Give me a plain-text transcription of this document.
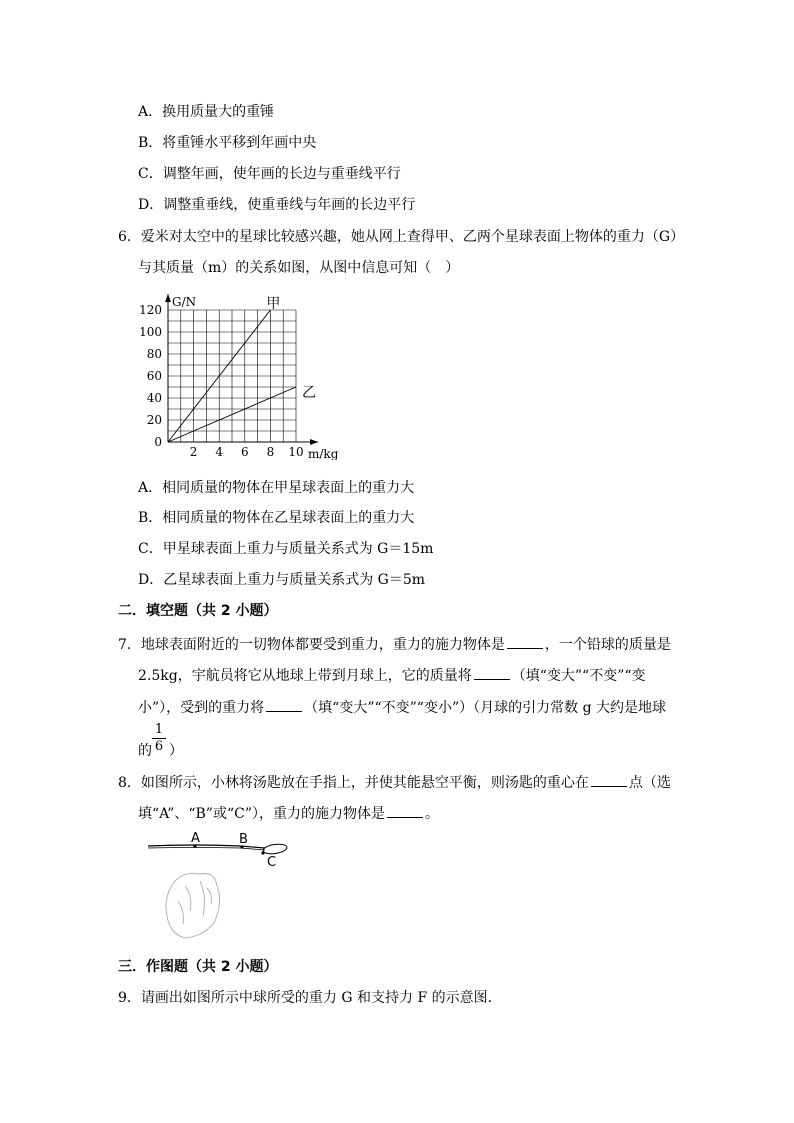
A．换用质量大的重锤
B．将重锤水平移到年画中央
C．调整年画，使年画的长边与重垂线平行
D．调整重垂线，使重垂线与年画的长边平行
6．爱米对太空中的星球比较感兴趣，她从网上查得甲、乙两个星球表面上物体的重力（G）
与其质量（m）的关系如图，从图中信息可知（　）
2 4 6 8 10
0
20
40
60
80
100
120	甲
乙
G/N
m/kg
A．相同质量的物体在甲星球表面上的重力大
B．相同质量的物体在乙星球表面上的重力大
C．甲星球表面上重力与质量关系式为 G＝15m
D．乙星球表面上重力与质量关系式为 G＝5m
二．填空题（共 2 小题）
7．地球表面附近的一切物体都要受到重力，重力的施力物体是	，一个铅球的质量是
2.5kg，宇航员将它从地球上带到月球上，它的质量将	（填“变大”“不变”“变
小”），受到的重力将	（填“变大”“不变”“变小”）（月球的引力常数 g 大约是地球
$\frac{1}{6}$
的 ）
8．如图所示，小林将汤匙放在手指上，并使其能悬空平衡，则汤匙的重心在	点（选
填“A”、“B”或“C”），重力的施力物体是	。
A	B
C
三．作图题（共 2 小题）
9．请画出如图所示中球所受的重力 G 和支持力 F 的示意图．
